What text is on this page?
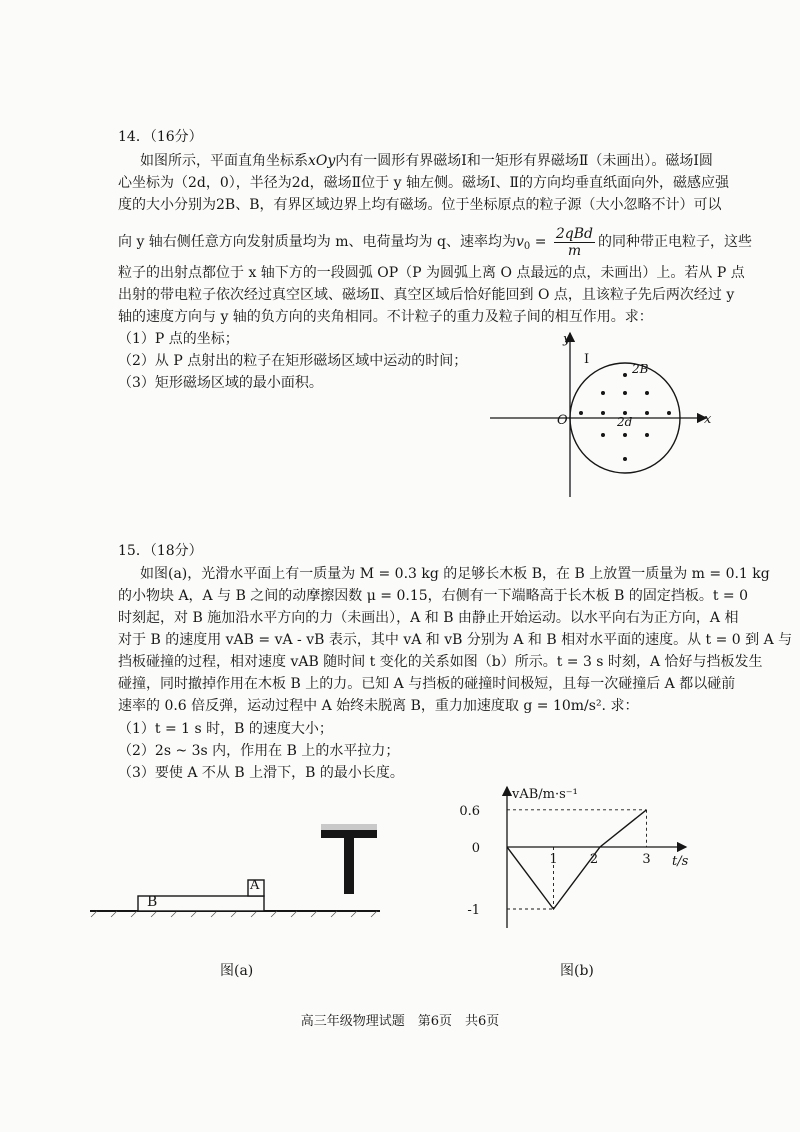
14．（16分）
如图所示，平面直角坐标系xOy内有一圆形有界磁场Ⅰ和一矩形有界磁场Ⅱ（未画出）。磁场Ⅰ圆
心坐标为（2d，0），半径为2d，磁场Ⅱ位于 y 轴左侧。磁场Ⅰ、Ⅱ的方向均垂直纸面向外，磁感应强
度的大小分别为2B、B，有界区域边界上均有磁场。位于坐标原点的粒子源（大小忽略不计）可以
向 y 轴右侧任意方向发射质量均为 m、电荷量均为 q、速率均为$v_0 = \frac{\text{2qBd}}{m}$ 的同种带正电粒子，这些
粒子的出射点都位于 x 轴下方的一段圆弧 OP（P 为圆弧上离 O 点最远的点，未画出）上。若从 P 点
出射的带电粒子依次经过真空区域、磁场Ⅱ、真空区域后恰好能回到 O 点，且该粒子先后两次经过 y
轴的速度方向与 y 轴的负方向的夹角相同。不计粒子的重力及粒子间的相互作用。求：
（1）P 点的坐标；
（2）从 P 点射出的粒子在矩形磁场区域中运动的时间；
（3）矩形磁场区域的最小面积。
y
x
O
I
2B
2d
15．（18分）
如图(a)，光滑水平面上有一质量为 M = 0.3 kg 的足够长木板 B，在 B 上放置一质量为 m = 0.1 kg
的小物块 A，A 与 B 之间的动摩擦因数 μ = 0.15，右侧有一下端略高于长木板 B 的固定挡板。t = 0
时刻起，对 B 施加沿水平方向的力（未画出），A 和 B 由静止开始运动。以水平向右为正方向，A 相
对于 B 的速度用 vAB = vA - vB 表示，其中 vA 和 vB 分别为 A 和 B 相对水平面的速度。从 t = 0 到 A 与
挡板碰撞的过程，相对速度 vAB 随时间 t 变化的关系如图（b）所示。t = 3 s 时刻，A 恰好与挡板发生
碰撞，同时撤掉作用在木板 B 上的力。已知 A 与挡板的碰撞时间极短，且每一次碰撞后 A 都以碰前
速率的 0.6 倍反弹，运动过程中 A 始终未脱离 B，重力加速度取 g = 10m/s². 求：
（1）t = 1 s 时，B 的速度大小；
（2）2s ~ 3s 内，作用在 B 上的水平拉力；
（3）要使 A 不从 B 上滑下，B 的最小长度。
B
A
图(a)
1 2	3
0.6
0
-1
vAB/m·s⁻¹
t/s
图(b)
高三年级物理试题　第6页　共6页
